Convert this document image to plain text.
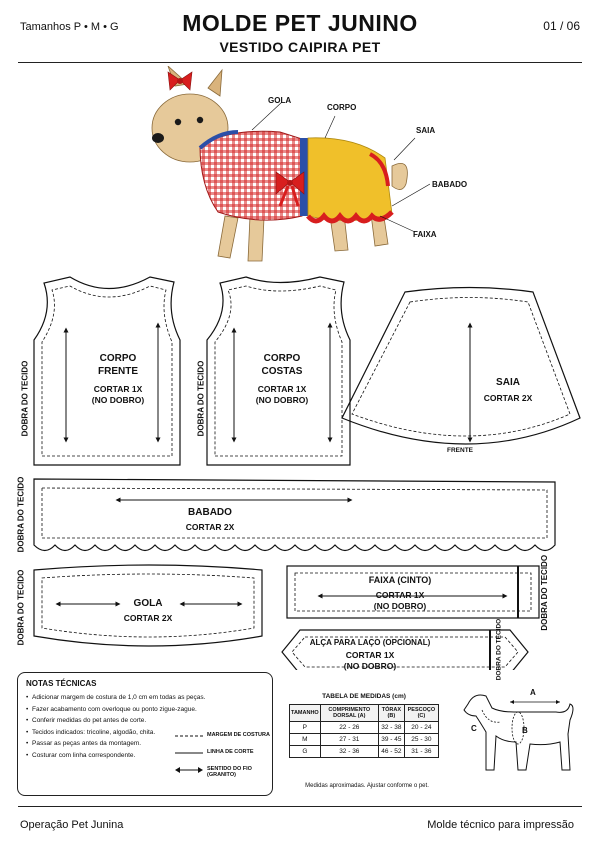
Tamanhos P • M • G	MOLDE PET JUNINO
VESTIDO CAIPIRA PET
01 / 06
GOLA
CORPO
SAIA
BABADO
FAIXA
CORPO
FRENTE
CORTAR 1X
(NO DOBRO)
CORPO
COSTAS
CORTAR 1X
(NO DOBRO)
SAIA
CORTAR 2X
FRENTE
BABADO
CORTAR 2X
GOLA
CORTAR 2X
FAIXA (CINTO)
CORTAR 1X
(NO DOBRO)
ALÇA PARA LAÇO (OPCIONAL)
CORTAR 1X
(NO DOBRO)
DOBRA DO TECIDO	DOBRA DO TECIDO
DOBRA DO TECIDO
DOBRA DO TECIDO	DOBRA DO TECIDO
DOBRA DO TECIDO
NOTAS TÉCNICAS
• Adicionar margem de costura de 1,0 cm em todas as peças.
• Fazer acabamento com overloque ou ponto zigue-zague.
• Conferir medidas do pet antes de corte.
• Tecidos indicados: tricoline, algodão, chita.
• Passar as peças antes da montagem.
• Costurar com linha correspondente.
MARGEM DE COSTURA
LINHA DE CORTE
SENTIDO DO FIO
(GRANITO)
TABELA DE MEDIDAS (cm)
TAMANHO	COMPRIMENTO DORSAL (A)	TÓRAX (B)	PESCOÇO (C)
P	22 - 26	32 - 38	20 - 24
M	27 - 31	39 - 45	25 - 30
G	32 - 36	46 - 52	31 - 36
Medidas aproximadas. Ajustar conforme o pet.
A
C	B
Operação Pet Junina	Molde técnico para impressão
